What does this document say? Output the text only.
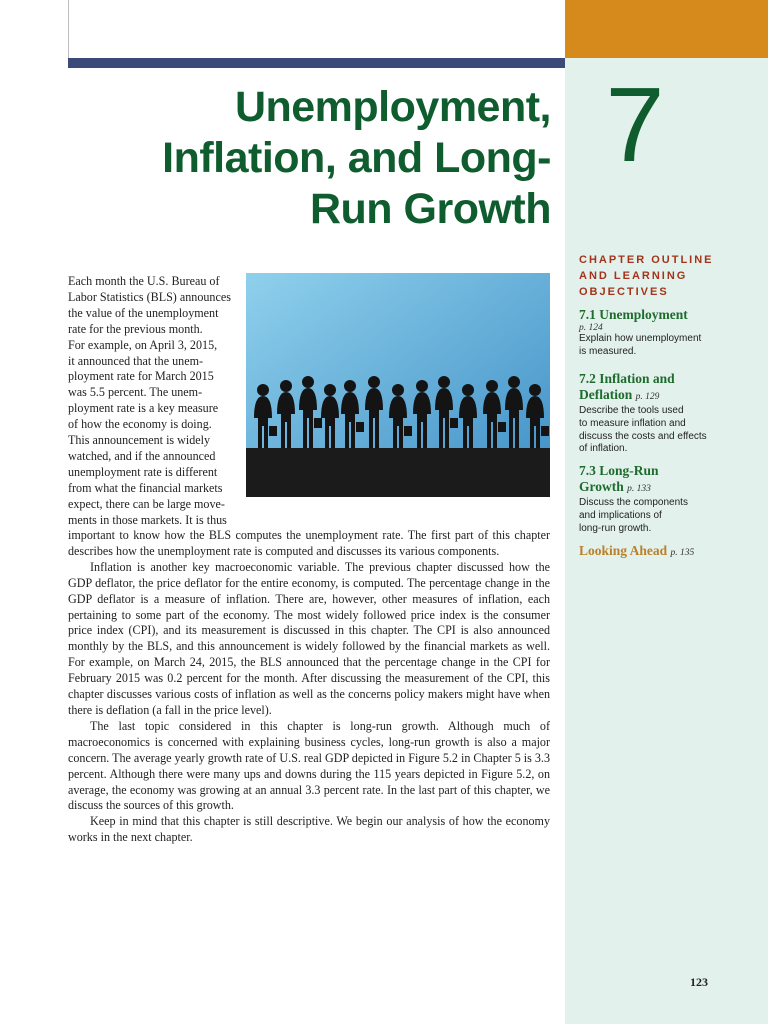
7
Unemployment,
Inflation, and Long-
Run Growth
Each month the U.S. Bureau of
Labor Statistics (BLS) announces
the value of the unemployment
rate for the previous month.
For example, on April 3, 2015,
it announced that the unem-
ployment rate for March 2015
was 5.5 percent. The unem-
ployment rate is a key measure
of how the economy is doing.
This announcement is widely
watched, and if the announced
unemployment rate is different
from what the financial markets
expect, there can be large move-
ments in those markets. It is thus

important to know how the BLS computes the unemployment rate. The first part of this chapter describes how the unemployment rate is computed and discusses its various components.

Inflation is another key macroeconomic variable. The previous chapter discussed how the GDP deflator, the price deflator for the entire economy, is computed. The percentage change in the GDP deflator is a measure of inflation. There are, however, other measures of inflation, each pertaining to some part of the economy. The most widely followed price index is the consumer price index (CPI), and its measurement is discussed in this chapter. The CPI is also announced monthly by the BLS, and this announcement is widely followed by the financial markets as well. For example, on March 24, 2015, the BLS announced that the percentage change in the CPI for February 2015 was 0.2 percent for the month. After discussing the measurement of the CPI, this chapter discusses various costs of inflation as well as the concerns policy makers might have when there is deflation (a fall in the price level).

The last topic considered in this chapter is long-run growth. Although much of macroeconomics is concerned with explaining business cycles, long-run growth is also a major concern. The average yearly growth rate of U.S. real GDP depicted in Figure 5.2 in Chapter 5 is 3.3 percent. Although there were many ups and downs during the 115 years depicted in Figure 5.2, on average, the economy was growing at an annual 3.3 percent rate. In the last part of this chapter, we discuss the sources of this growth.

Keep in mind that this chapter is still descriptive. We begin our analysis of how the economy works in the next chapter.

CHAPTER OUTLINE
AND LEARNING
OBJECTIVES
7.1 Unemployment
p. 124
Explain how unemployment
is measured.
7.2 Inflation and
Deflation p. 129
Describe the tools used
to measure inflation and
discuss the costs and effects
of inflation.
7.3 Long-Run
Growth p. 133
Discuss the components
and implications of
long-run growth.
Looking Ahead p. 135
123
